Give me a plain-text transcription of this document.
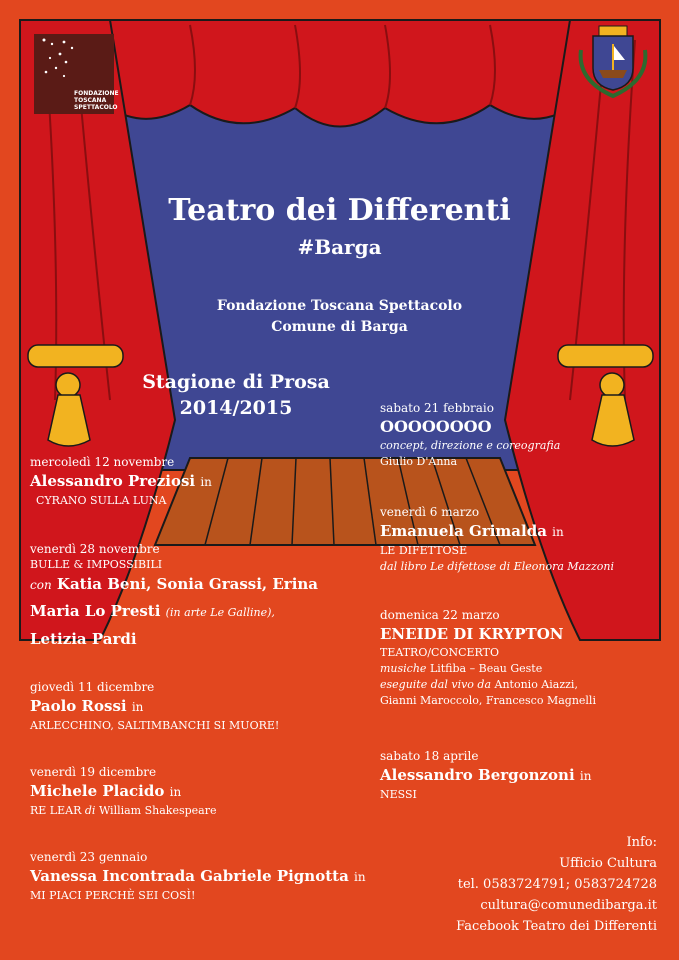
FONDAZIONE TOSCANA SPETTACOLO
Teatro dei Differenti
#Barga
Fondazione Toscana Spettacolo
Comune di Barga
Stagione di Prosa
2014/2015
mercoledì 12 novembre
Alessandro Preziosi in
CYRANO SULLA LUNA
venerdì 28 novembre
BULLE & IMPOSSIBILI
con Katia Beni, Sonia Grassi, Erina
Maria Lo Presti (in arte Le Galline),
Letizia Pardi
giovedì 11 dicembre
Paolo Rossi in
ARLECCHINO, SALTIMBANCHI SI MUORE!
venerdì 19 dicembre
Michele Placido in
RE LEAR di William Shakespeare
venerdì 23 gennaio
Vanessa Incontrada Gabriele Pignotta in
MI PIACI PERCHÈ SEI COSÌ!
sabato 21 febbraio
OOOOOOOO
concept, direzione e coreografia
Giulio D'Anna
venerdì 6 marzo
Emanuela Grimalda in
LE DIFETTOSE
dal libro Le difettose di Eleonora Mazzoni
domenica 22 marzo
ENEIDE DI KRYPTON
TEATRO/CONCERTO
musiche Litfiba – Beau Geste
eseguite dal vivo da Antonio Aiazzi,
Gianni Maroccolo, Francesco Magnelli
sabato 18 aprile
Alessandro Bergonzoni in
NESSI
Info:
Ufficio Cultura
tel. 0583724791; 0583724728
cultura@comunedibarga.it
Facebook Teatro dei Differenti
